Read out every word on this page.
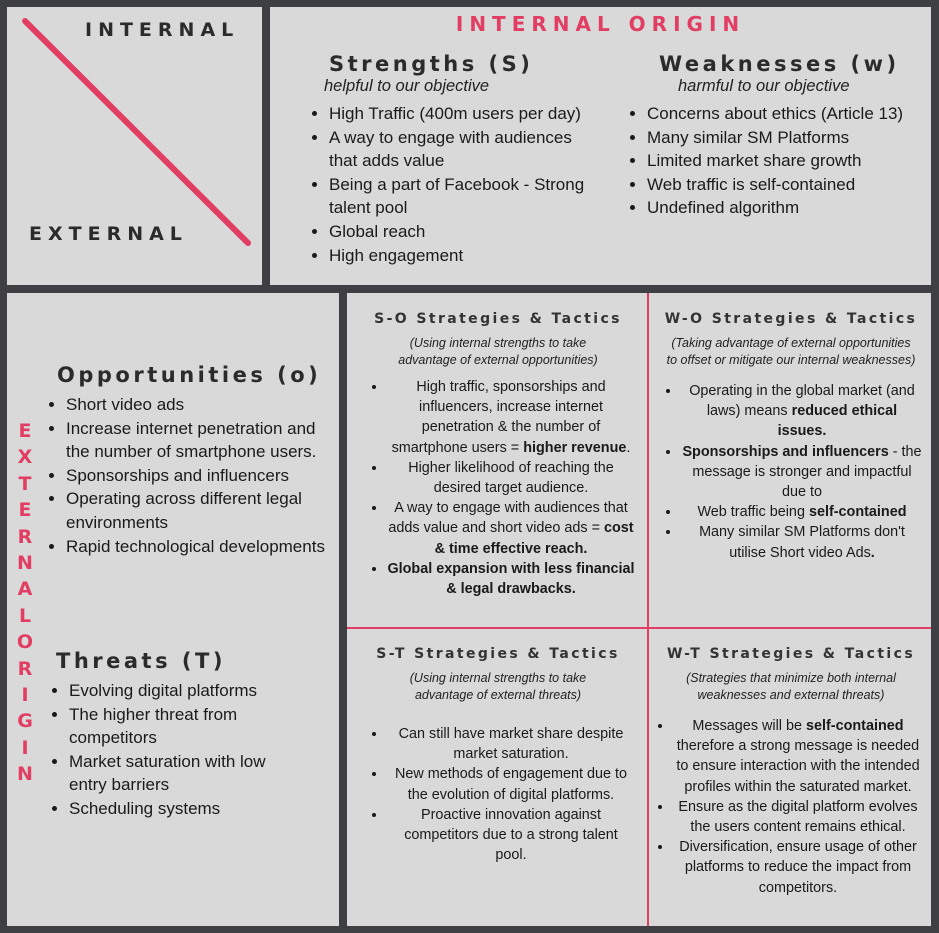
INTERNAL
EXTERNAL
INTERNAL ORIGIN
Strengths (S)
helpful to our objective
• High Traffic (400m users per day)
• A way to engage with audiences that adds value
• Being a part of Facebook - Strong talent pool
• Global reach
• High engagement
Weaknesses (w)
harmful to our objective
• Concerns about ethics (Article 13)
• Many similar SM Platforms
• Limited market share growth
• Web traffic is self-contained
• Undefined algorithm
E
X
T
E
R
N
A
L
O
R
I
G
I
N
Opportunities (o)
• Short video ads
• Increase internet penetration and the number of smartphone users.
• Sponsorships and influencers
• Operating across different legal environments
• Rapid technological developments
Threats (T)
• Evolving digital platforms
• The higher threat from competitors
• Market saturation with low entry barriers
• Scheduling systems
S-O Strategies & Tactics
(Using internal strengths to take advantage of external opportunities)
• High traffic, sponsorships and influencers, increase internet penetration & the number of smartphone users = higher revenue.
• Higher likelihood of reaching the desired target audience.
• A way to engage with audiences that adds value and short video ads = cost & time effective reach.
• Global expansion with less financial & legal drawbacks.
W-O Strategies & Tactics
(Taking advantage of external opportunities to offset or mitigate our internal weaknesses)
• Operating in the global market (and laws) means reduced ethical issues.
• Sponsorships and influencers - the message is stronger and impactful due to
• Web traffic being self-contained
• Many similar SM Platforms don't utilise Short video Ads.
S-T Strategies & Tactics
(Using internal strengths to take advantage of external threats)
• Can still have market share despite market saturation.
• New methods of engagement due to the evolution of digital platforms.
• Proactive innovation against competitors due to a strong talent pool.
W-T Strategies & Tactics
(Strategies that minimize both internal weaknesses and external threats)
• Messages will be self-contained therefore a strong message is needed to ensure interaction with the intended profiles within the saturated market.
• Ensure as the digital platform evolves the users content remains ethical.
• Diversification, ensure usage of other platforms to reduce the impact from competitors.
